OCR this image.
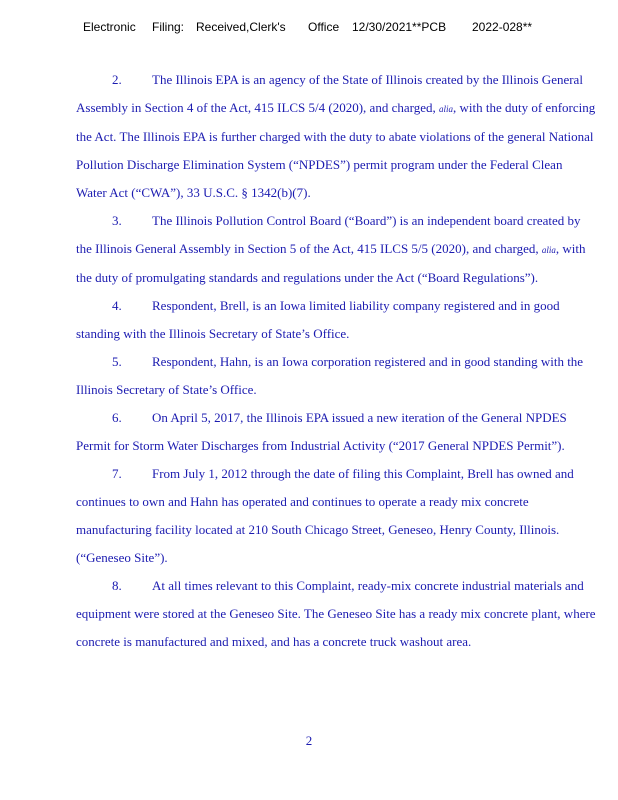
Electronic Filing: Received,Clerk's Office 12/30/2021**PCB 2022-028**

2. The Illinois EPA is an agency of the State of Illinois created by the Illinois General Assembly in Section 4 of the Act, 415 ILCS 5/4 (2020), and charged, alia, with the duty of enforcing the Act. The Illinois EPA is further charged with the duty to abate violations of the general National Pollution Discharge Elimination System (“NPDES”) permit program under the Federal Clean Water Act (“CWA”), 33 U.S.C. § 1342(b)(7).

3. The Illinois Pollution Control Board (“Board”) is an independent board created by the Illinois General Assembly in Section 5 of the Act, 415 ILCS 5/5 (2020), and charged, alia, with the duty of promulgating standards and regulations under the Act (“Board Regulations”).

4. Respondent, Brell, is an Iowa limited liability company registered and in good standing with the Illinois Secretary of State’s Office.

5. Respondent, Hahn, is an Iowa corporation registered and in good standing with the Illinois Secretary of State’s Office.

6. On April 5, 2017, the Illinois EPA issued a new iteration of the General NPDES Permit for Storm Water Discharges from Industrial Activity (“2017 General NPDES Permit”).

7. From July 1, 2012 through the date of filing this Complaint, Brell has owned and continues to own and Hahn has operated and continues to operate a ready mix concrete manufacturing facility located at 210 South Chicago Street, Geneseo, Henry County, Illinois. (“Geneseo Site”).

8. At all times relevant to this Complaint, ready-mix concrete industrial materials and equipment were stored at the Geneseo Site. The Geneseo Site has a ready mix concrete plant, where concrete is manufactured and mixed, and has a concrete truck washout area.

2
